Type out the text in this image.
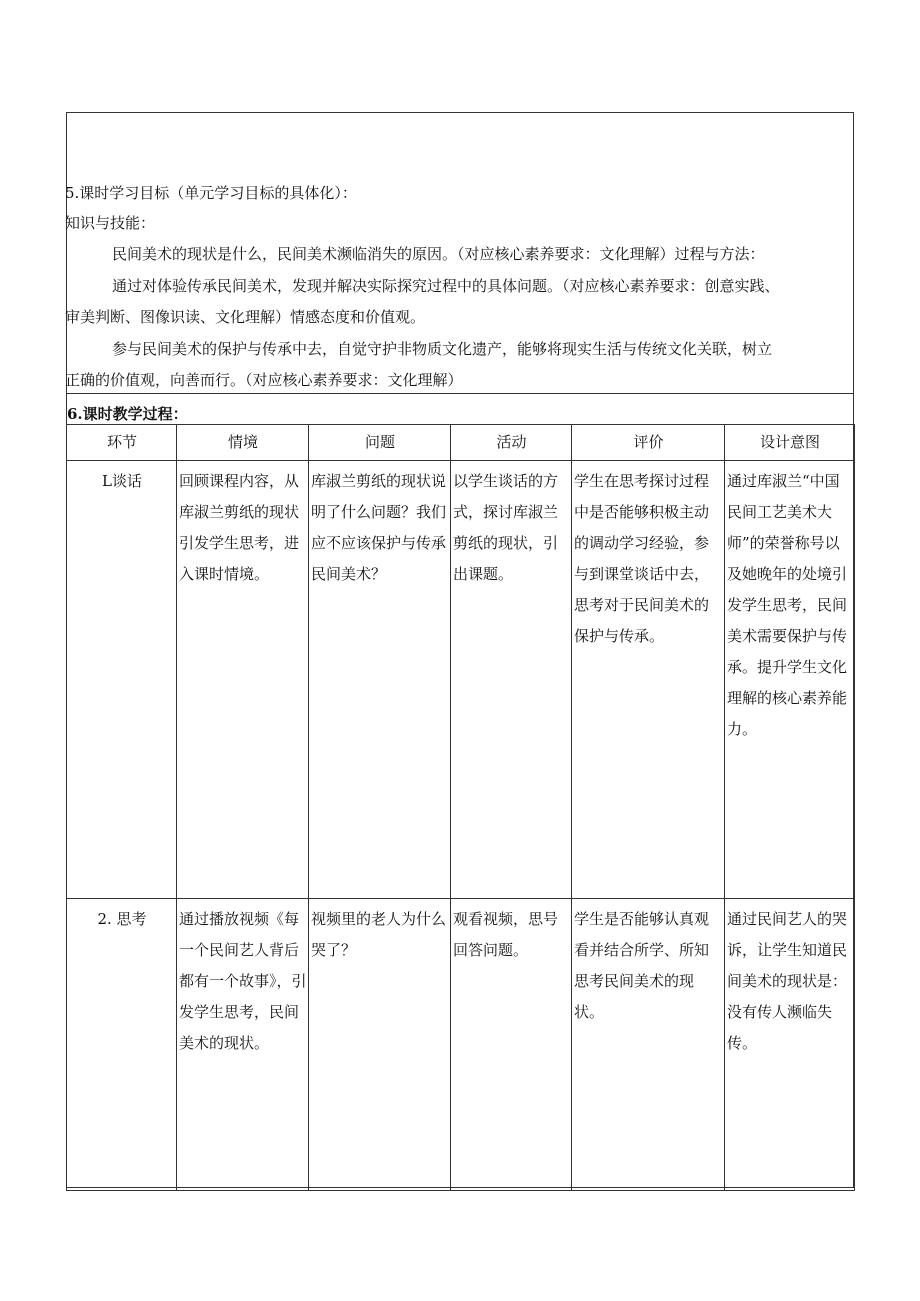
5.课时学习目标（单元学习目标的具体化）：
知识与技能：
民间美术的现状是什么，民间美术濒临消失的原因。（对应核心素养要求：文化理解）过程与方法：
通过对体验传承民间美术，发现并解决实际探究过程中的具体问题。（对应核心素养要求：创意实践、
审美判断、图像识读、文化理解）情感态度和价值观。
参与民间美术的保护与传承中去，自觉守护非物质文化遗产，能够将现实生活与传统文化关联，树立
正确的价值观，向善而行。（对应核心素养要求：文化理解）
6.课时教学过程：
环节	情境	问题	活动	评价	设计意图
L谈话	回顾课程内容，从库淑兰剪纸的现状引发学生思考，进入课时情境。	库淑兰剪纸的现状说明了什么问题？我们应不应该保护与传承民间美术？	以学生谈话的方式，探讨库淑兰剪纸的现状，引出课题。	学生在思考探讨过程中是否能够积极主动的调动学习经验，参与到课堂谈话中去，思考对于民间美术的保护与传承。	通过库淑兰“中国民间工艺美术大师”的荣誉称号以及她晚年的处境引发学生思考，民间美术需要保护与传承。提升学生文化理解的核心素养能力。
2. 思考	通过播放视频《每一个民间艺人背后都有一个故事》，引发学生思考，民间美术的现状。	视频里的老人为什么哭了？	观看视频，思号回答问题。	学生是否能够认真观看并结合所学、所知思考民间美术的现状。	通过民间艺人的哭诉，让学生知道民间美术的现状是：没有传人濒临失传。
